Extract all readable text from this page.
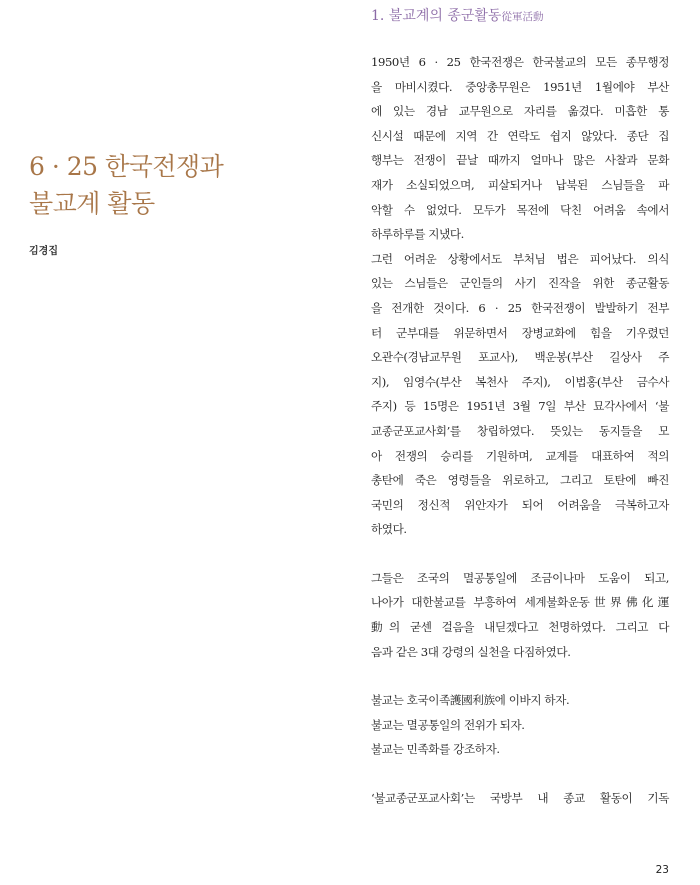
6 · 25 한국전쟁과
불교계 활동
김경집
1. 불교계의 종군활동從軍活動
1950년 6 · 25 한국전쟁은 한국불교의 모든 종무행정
을 마비시켰다. 중앙총무원은 1951년 1월에야 부산
에 있는 경남 교무원으로 자리를 옮겼다. 미흡한 통
신시설 때문에 지역 간 연락도 쉽지 않았다. 종단 집
행부는 전쟁이 끝날 때까지 얼마나 많은 사찰과 문화
재가 소실되었으며, 피살되거나 납북된 스님들을 파
악할 수 없었다. 모두가 목전에 닥친 어려움 속에서
하루하루를 지냈다.
그런 어려운 상황에서도 부처님 법은 피어났다. 의식
있는 스님들은 군인들의 사기 진작을 위한 종군활동
을 전개한 것이다. 6 · 25 한국전쟁이 발발하기 전부
터 군부대를 위문하면서 장병교화에 힘을 기우렸던
오관수(경남교무원 포교사), 백운봉(부산 길상사 주
지), 임영수(부산 복천사 주지), 이법홍(부산 금수사
주지) 등 15명은 1951년 3월 7일 부산 묘각사에서 ‘불
교종군포교사회’를 창립하였다. 뜻있는 동지들을 모
아 전쟁의 승리를 기원하며, 교계를 대표하여 적의
총탄에 죽은 영령들을 위로하고, 그리고 토탄에 빠진
국민의 정신적 위안자가 되어 어려움을 극복하고자
하였다.
그들은 조국의 멸공통일에 조금이나마 도움이 되고,
나아가 대한불교를 부흥하여 세계불화운동世界佛化運
動의 굳센 걸음을 내딛겠다고 천명하였다. 그리고 다
음과 같은 3대 강령의 실천을 다짐하였다.
불교는 호국이족護國利族에 이바지 하자.
불교는 멸공통일의 전위가 되자.
불교는 민족화를 강조하자.
‘불교종군포교사회’는 국방부 내 종교 활동이 기독
23
